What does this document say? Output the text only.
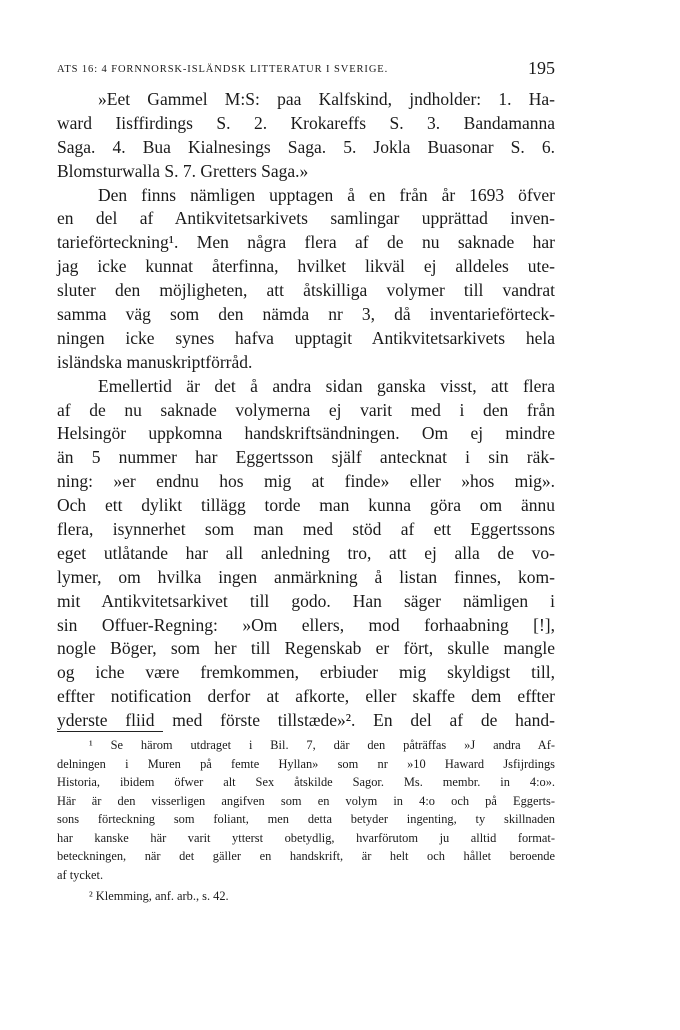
ATS 16: 4 FORNNORSK-ISLÄNDSK LITTERATUR I SVERIGE.	195
»Eet Gammel M:S: paa Kalfskind, jndholder: 1. Ha-
ward Iisffirdings S. 2. Krokareffs S. 3. Bandamanna
Saga. 4. Bua Kialnesings Saga. 5. Jokla Buasonar S. 6.
Blomsturwalla S. 7. Gretters Saga.»
Den finns nämligen upptagen å en från år 1693 öfver
en del af Antikvitetsarkivets samlingar upprättad inven-
tarieförteckning¹. Men några flera af de nu saknade har
jag icke kunnat återfinna, hvilket likväl ej alldeles ute-
sluter den möjligheten, att åtskilliga volymer till vandrat
samma väg som den nämda nr 3, då inventarieförteck-
ningen icke synes hafva upptagit Antikvitetsarkivets hela
isländska manuskriptförråd.
Emellertid är det å andra sidan ganska visst, att flera
af de nu saknade volymerna ej varit med i den från
Helsingör uppkomna handskriftsändningen. Om ej mindre
än 5 nummer har Eggertsson själf antecknat i sin räk-
ning: »er endnu hos mig at finde» eller »hos mig».
Och ett dylikt tillägg torde man kunna göra om ännu
flera, isynnerhet som man med stöd af ett Eggertssons
eget utlåtande har all anledning tro, att ej alla de vo-
lymer, om hvilka ingen anmärkning å listan finnes, kom-
mit Antikvitetsarkivet till godo. Han säger nämligen i
sin Offuer-Regning: »Om ellers, mod forhaabning [!],
nogle Böger, som her till Regenskab er fört, skulle mangle
og iche være fremkommen, erbiuder mig skyldigst till,
effter notification derfor at afkorte, eller skaffe dem effter
yderste fliid med förste tillstæde»². En del af de hand-
¹ Se härom utdraget i Bil. 7, där den påträffas »J andra Af-
delningen i Muren på femte Hyllan» som nr »10 Haward Jsfijrdings
Historia, ibidem öfwer alt Sex åtskilde Sagor. Ms. membr. in 4:o».
Här är den visserligen angifven som en volym in 4:o och på Eggerts-
sons förteckning som foliant, men detta betyder ingenting, ty skillnaden
har kanske här varit ytterst obetydlig, hvarförutom ju alltid format-
beteckningen, när det gäller en handskrift, är helt och hållet beroende
af tycket.
² Klemming, anf. arb., s. 42.
